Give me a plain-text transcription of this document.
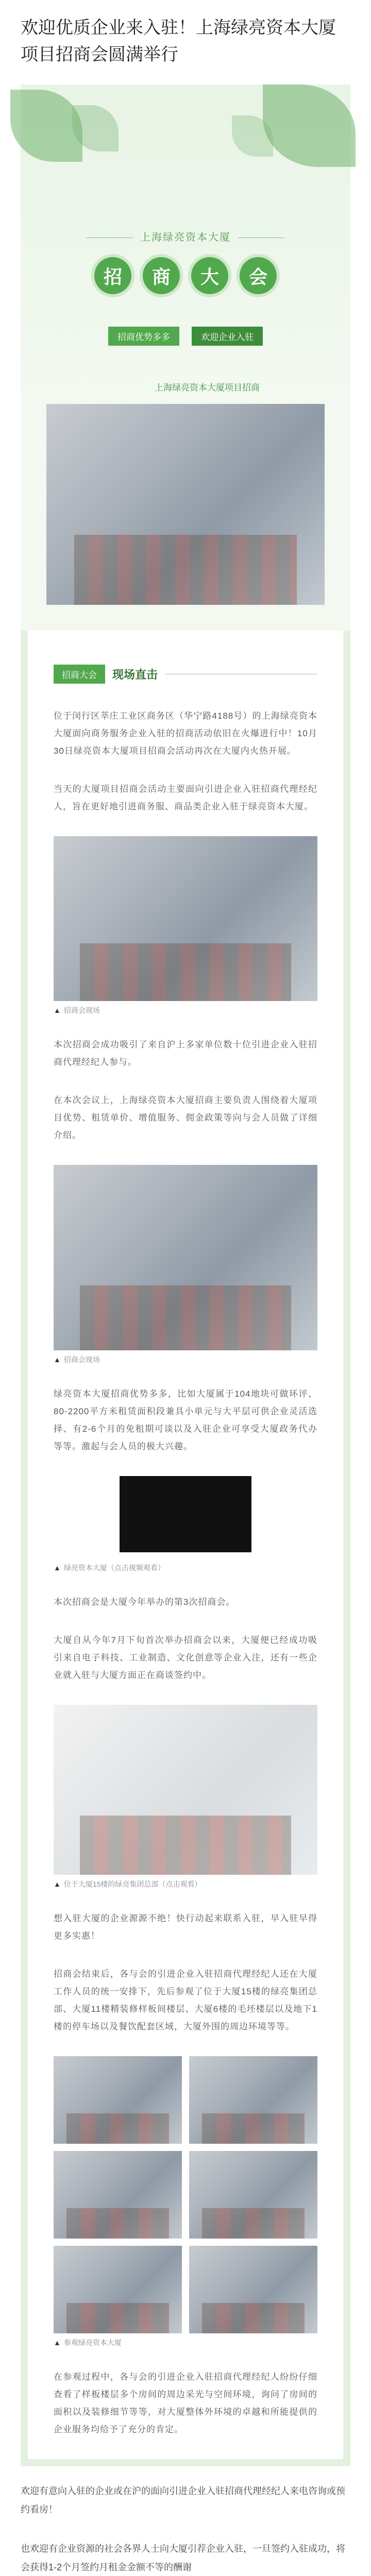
欢迎优质企业来入驻！上海绿亮资本大厦项目招商会圆满举行
上海绿亮资本大厦
招	商	大	会
招商优势多多	欢迎企业入驻
上海绿亮资本大厦项目招商
招商大会	现场直击

位于闵行区莘庄工业区商务区（华宁路4188号）的上海绿亮资本大厦面向商务服务企业入驻的招商活动依旧在火爆进行中！10月30日绿亮资本大厦项目招商会活动再次在大厦内火热开展。

当天的大厦项目招商会活动主要面向引进企业入驻招商代理经纪人，旨在更好地引进商务服、商品类企业入驻于绿亮资本大厦。

▲ 招商会现场

本次招商会成功吸引了来自沪上多家单位数十位引进企业入驻招商代理经纪人参与。

在本次会议上，上海绿亮资本大厦招商主要负责人围绕着大厦项目优势、租赁单价、增值服务、佣金政策等向与会人员做了详细介绍。

▲ 招商会现场

绿亮资本大厦招商优势多多，比如大厦属于104地块可做环评、80-2200平方米租赁面积段兼具小单元与大平层可供企业灵活选择、有2-6个月的免租期可谈以及入驻企业可享受大厦政务代办等等。激起与会人员的极大兴趣。

▲ 绿亮资本大厦（点击视频观看）

本次招商会是大厦今年举办的第3次招商会。

大厦自从今年7月下旬首次举办招商会以来，大厦便已经成功吸引来自电子科技、工业制造、文化创意等企业入注，还有一些企业就入驻与大厦方面正在商谈签约中。

▲ 位于大厦15楼的绿亮集团总部（点击观看）

想入驻大厦的企业源源不绝！快行动起来联系入驻，早入驻早得更多实惠！

招商会结束后，各与会的引进企业入驻招商代理经纪人还在大厦工作人员的统一安排下，先后参观了位于大厦15楼的绿亮集团总部、大厦11楼精装修样板间楼层、大厦6楼的毛坯楼层以及地下1楼的停车场以及餐饮配套区域，大厦外围的周边环境等等。

▲ 参观绿亮资本大厦

在参观过程中，各与会的引进企业入驻招商代理经纪人纷纷仔细查看了样板楼层多个房间的周边采光与空间环境，询问了房间的面积以及装修细节等等，对大厦整体外环境的卓越和所能提供的企业服务均给予了充分的肯定。

欢迎有意向入驻的企业或在沪的面向引进企业入驻招商代理经纪人来电咨询或预约看房！

也欢迎有企业资源的社会各界人士向大厦引荐企业入驻，一旦签约入驻成功，将会获得1-2个月签约月租金金额不等的酬谢
